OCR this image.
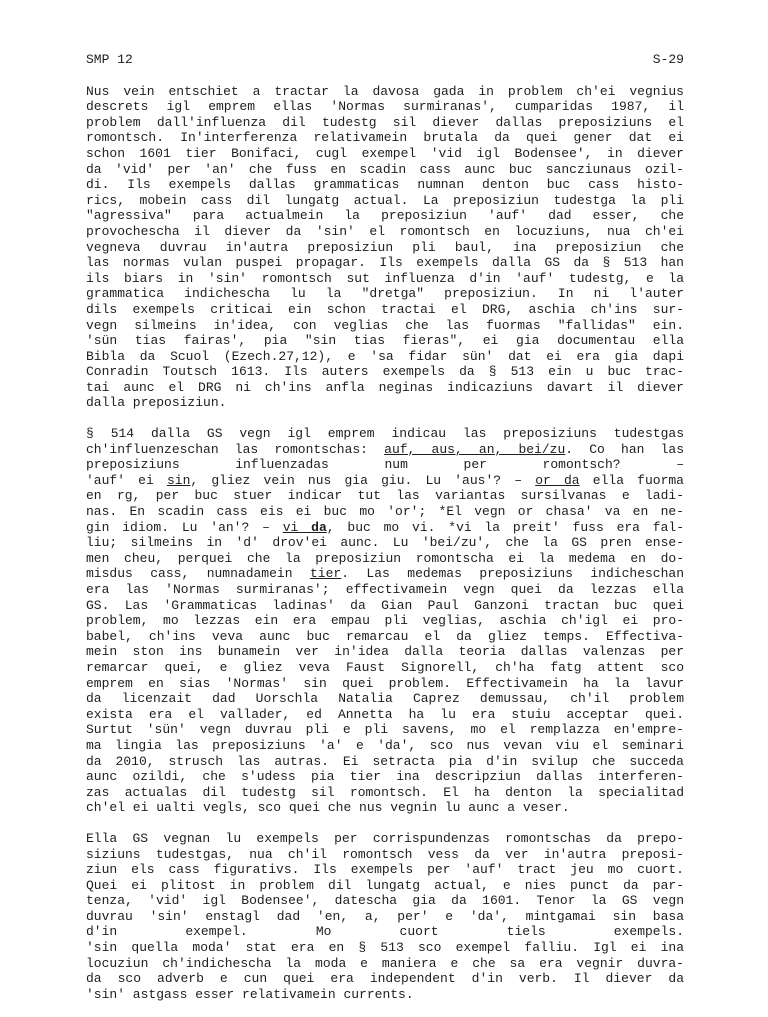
SMP 12	S-29
Nus vein entschiet a tractar la davosa gada in problem ch'ei vegnius
descrets igl emprem ellas 'Normas surmiranas', cumparidas 1987, il
problem dall'influenza dil tudestg sil diever dallas preposiziuns el
romontsch. In'interferenza relativamein brutala da quei gener dat ei
schon 1601 tier Bonifaci, cugl exempel 'vid igl Bodensee', in diever
da 'vid' per 'an' che fuss en scadin cass aunc buc sancziunaus ozil-
di. Ils exempels dallas grammaticas numnan denton buc cass histo-
rics, mobein cass dil lungatg actual. La preposiziun tudestga la pli
"agressiva" para actualmein la preposiziun 'auf' dad esser, che
provochescha il diever da 'sin' el romontsch en locuziuns, nua ch'ei
vegneva duvrau in'autra preposiziun pli baul, ina preposiziun che
las normas vulan puspei propagar. Ils exempels dalla GS da § 513 han
ils biars in 'sin' romontsch sut influenza d'in 'auf' tudestg, e la
grammatica indichescha lu la "dretga" preposiziun. In ni l'auter
dils exempels criticai ein schon tractai el DRG, aschia ch'ins sur-
vegn silmeins in'idea, con veglias che las fuormas "fallidas" ein.
'sün tias fairas', pia "sin tias fieras", ei gia documentau ella
Bibla da Scuol (Ezech.27,12), e 'sa fidar sün' dat ei era gia dapi
Conradin Toutsch 1613. Ils auters exempels da § 513 ein u buc trac-
tai aunc el DRG ni ch'ins anfla neginas indicaziuns davart il diever
dalla preposiziun.
§ 514 dalla GS vegn igl emprem indicau las preposiziuns tudestgas
ch'influenzeschan las romontschas: auf, aus, an, bei/zu. Co han las
preposiziuns influenzadas num per romontsch? –
'auf' ei sin, gliez vein nus gia giu. Lu 'aus'? – or da ella fuorma
en rg, per buc stuer indicar tut las variantas sursilvanas e ladi-
nas. En scadin cass eis ei buc mo 'or'; *El vegn or chasa' va en ne-
gin idiom. Lu 'an'? – vi da, buc mo vi. *vi la preit' fuss era fal-
liu; silmeins in 'd' drov'ei aunc. Lu 'bei/zu', che la GS pren ense-
men cheu, perquei che la preposiziun romontscha ei la medema en do-
misdus cass, numnadamein tier. Las medemas preposiziuns indicheschan
era las 'Normas surmiranas'; effectivamein vegn quei da lezzas ella
GS. Las 'Grammaticas ladinas' da Gian Paul Ganzoni tractan buc quei
problem, mo lezzas ein era empau pli veglias, aschia ch'igl ei pro-
babel, ch'ins veva aunc buc remarcau el da gliez temps. Effectiva-
mein ston ins bunamein ver in'idea dalla teoria dallas valenzas per
remarcar quei, e gliez veva Faust Signorell, ch'ha fatg attent sco
emprem en sias 'Normas' sin quei problem. Effectivamein ha la lavur
da licenzait dad Uorschla Natalia Caprez demussau, ch'il problem
exista era el vallader, ed Annetta ha lu era stuiu acceptar quei.
Surtut 'sün' vegn duvrau pli e pli savens, mo el remplazza en'empre-
ma lingia las preposiziuns 'a' e 'da', sco nus vevan viu el seminari
da 2010, strusch las autras. Ei setracta pia d'in svilup che succeda
aunc ozildi, che s'udess pia tier ina descripziun dallas interferen-
zas actualas dil tudestg sil romontsch. El ha denton la specialitad
ch'el ei ualti vegls, sco quei che nus vegnin lu aunc a veser.
Ella GS vegnan lu exempels per corrispundenzas romontschas da prepo-
siziuns tudestgas, nua ch'il romontsch vess da ver in'autra preposi-
ziun els cass figurativs. Ils exempels per 'auf' tract jeu mo cuort.
Quei ei plitost in problem dil lungatg actual, e nies punct da par-
tenza, 'vid' igl Bodensee', datescha gia da 1601. Tenor la GS vegn
duvrau 'sin' enstagl dad 'en, a, per' e 'da', mintgamai sin basa
d'in exempel. Mo cuort tiels exempels.
'sin quella moda' stat era en § 513 sco exempel falliu. Igl ei ina
locuziun ch'indichescha la moda e maniera e che sa era vegnir duvra-
da sco adverb e cun quei era independent d'in verb. Il diever da
'sin' astgass esser relativamein currents.
